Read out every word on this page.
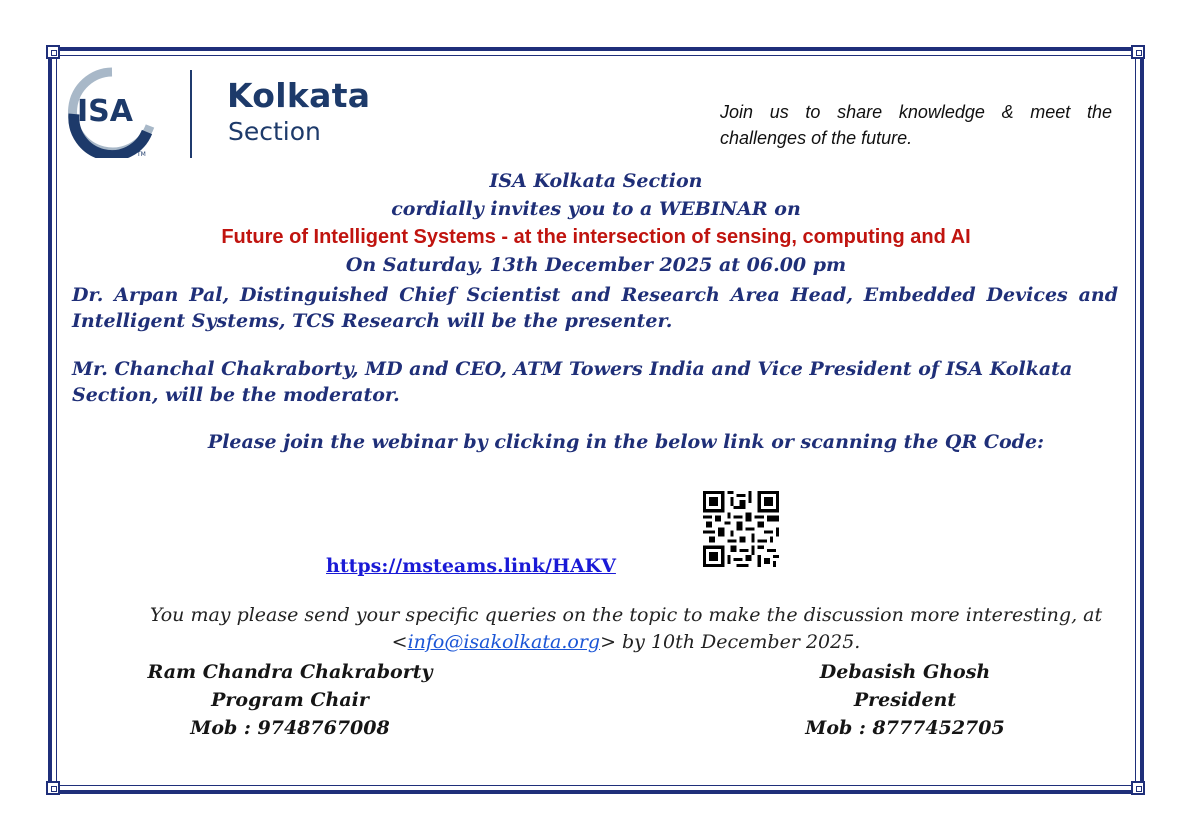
ISA
TM
Kolkata
Section
Join us to share knowledge & meet the challenges of the future.
ISA Kolkata Section
cordially invites you to a WEBINAR on
Future of Intelligent Systems - at the intersection of sensing, computing and AI
On Saturday, 13th December 2025 at 06.00 pm
Dr. Arpan Pal, Distinguished Chief Scientist and Research Area Head, Embedded Devices and Intelligent Systems, TCS Research will be the presenter.
Mr. Chanchal Chakraborty, MD and CEO, ATM Towers India and Vice President of ISA Kolkata Section, will be the moderator.
Please join the webinar by clicking in the below link or scanning the QR Code:
https://msteams.link/HAKV
You may please send your specific queries on the topic to make the discussion more interesting, at
<info@isakolkata.org> by 10th December 2025.
Ram Chandra Chakraborty
Program Chair
Mob : 9748767008
Debasish Ghosh
President
Mob : 8777452705
